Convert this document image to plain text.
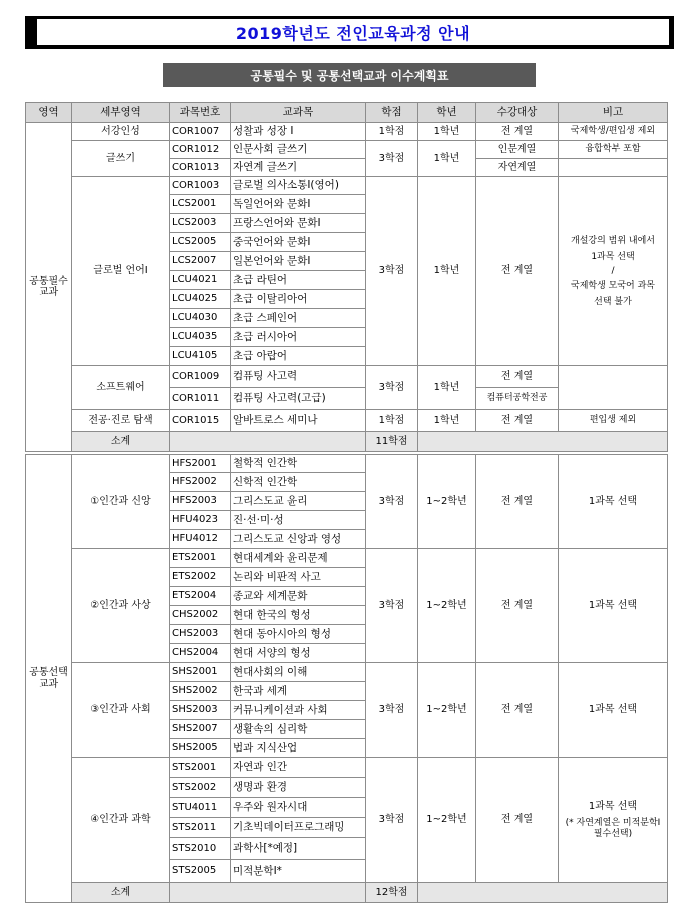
2019학년도 전인교육과정 안내
공통필수 및 공통선택교과 이수계획표
영역	세부영역	과목번호	교과목	학점	학년	수강대상	비고
공통필수 교과	서강인성	COR1007	성찰과 성장 Ⅰ	1학점	1학년	전 계열	국제학생/편입생 제외
	글쓰기	COR1012	인문사회 글쓰기	3학점	1학년	인문계열	융합학부 포함
		COR1013	자연계 글쓰기			자연계열	
	글로벌 언어Ⅰ	COR1003	글로벌 의사소통Ⅰ(영어)	3학점	1학년	전 계열	개설강의 범위 내에서
1과목 선택
/
국제학생 모국어 과목
선택 불가

		LCS2001	독일언어와 문화Ⅰ				
		LCS2003	프랑스언어와 문화Ⅰ				
		LCS2005	중국언어와 문화Ⅰ				
		LCS2007	일본언어와 문화Ⅰ				
		LCU4021	초급 라틴어				
		LCU4025	초급 이탈리아어				
		LCU4030	초급 스페인어				
		LCU4035	초급 러시아어				
		LCU4105	초급 아랍어				
	소프트웨어	COR1009	컴퓨팅 사고력	3학점	1학년	전 계열	
		COR1011	컴퓨팅 사고력(고급)			컴퓨터공학전공	
	전공·진로 탐색	COR1015	알바트로스 세미나	1학점	1학년	전 계열	편입생 제외
	소계			11학점			
공통선택 교과	①인간과 신앙	HFS2001	철학적 인간학	3학점	1~2학년	전 계열	1과목 선택
		HFS2002	신학적 인간학				
		HFS2003	그리스도교 윤리				
		HFU4023	진·선·미·성				
		HFU4012	그리스도교 신앙과 영성				
	②인간과 사상	ETS2001	현대세계와 윤리문제	3학점	1~2학년	전 계열	1과목 선택
		ETS2002	논리와 비판적 사고				
		ETS2004	종교와 세계문화				
		CHS2002	현대 한국의 형성				
		CHS2003	현대 동아시아의 형성				
		CHS2004	현대 서양의 형성				
	③인간과 사회	SHS2001	현대사회의 이해	3학점	1~2학년	전 계열	1과목 선택
		SHS2002	한국과 세계				
		SHS2003	커뮤니케이션과 사회				
		SHS2007	생활속의 심리학				
		SHS2005	법과 지식산업				
	④인간과 과학	STS2001	자연과 인간	3학점	1~2학년	전 계열	1과목 선택
(* 자연계열은 미적분학Ⅰ 필수선택)

		STS2002	생명과 환경				
		STU4011	우주와 원자시대				
		STS2011	기초빅데이터프로그래밍				
		STS2010	과학사[*예정]				
		STS2005	미적분학Ⅰ*				
	소계			12학점			
